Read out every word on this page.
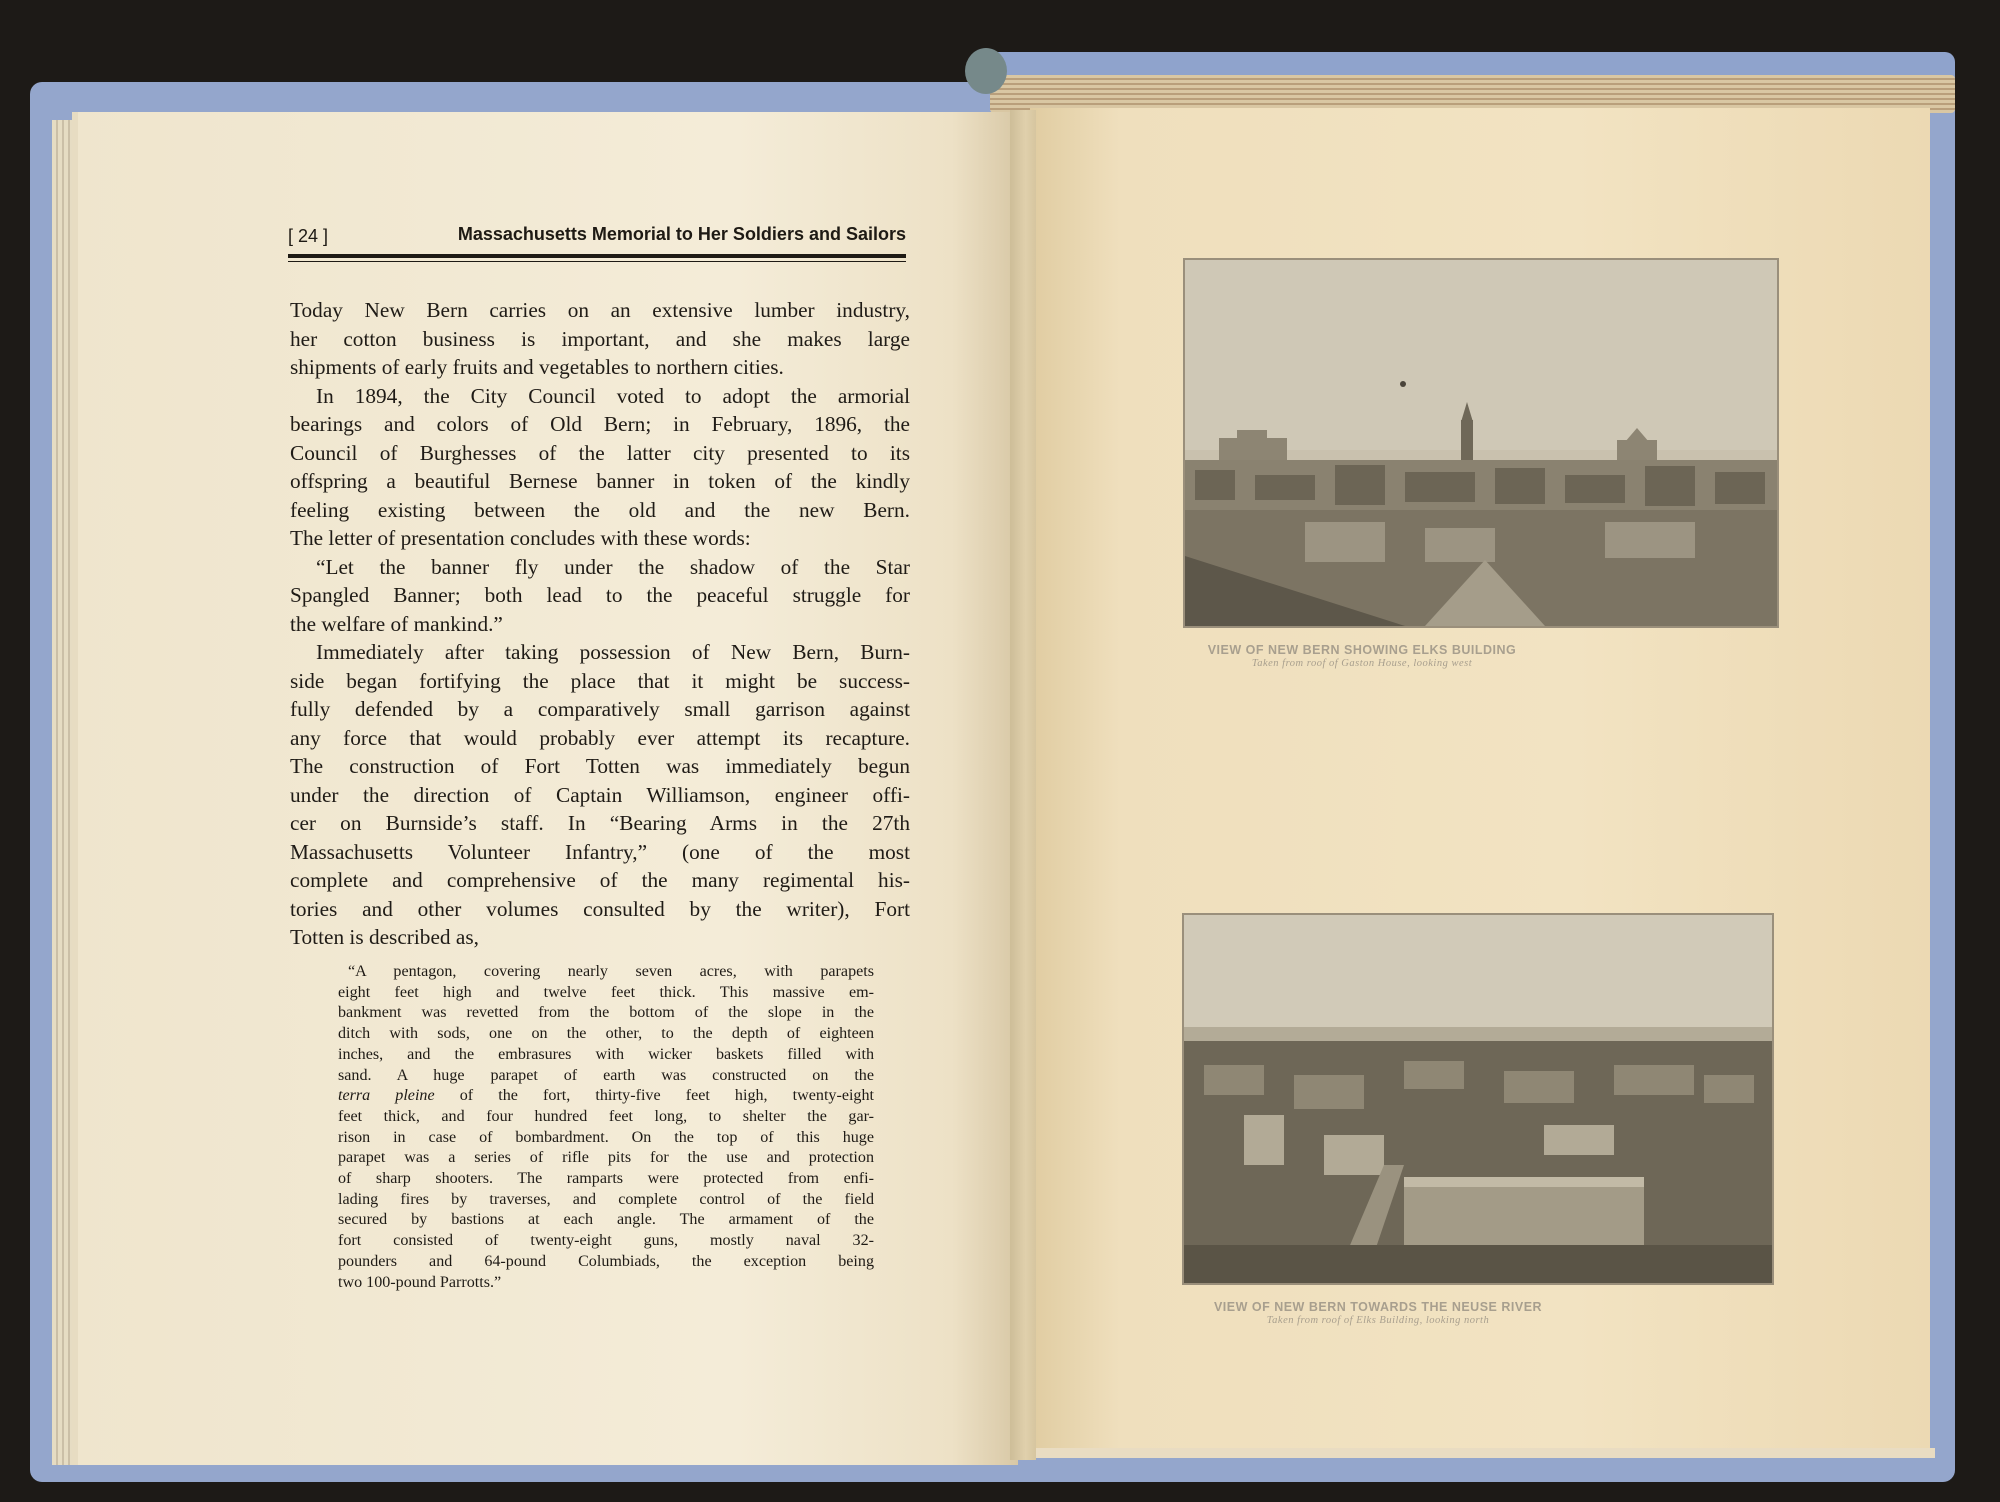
[ 24 ]	Massachusetts Memorial to Her Soldiers and Sailors

Today New Bern carries on an extensive lumber industry,

her cotton business is important, and she makes large

shipments of early fruits and vegetables to northern cities.

In 1894, the City Council voted to adopt the armorial

bearings and colors of Old Bern; in February, 1896, the

Council of Burghesses of the latter city presented to its

offspring a beautiful Bernese banner in token of the kindly

feeling existing between the old and the new Bern.

The letter of presentation concludes with these words:

“Let the banner fly under the shadow of the Star

Spangled Banner; both lead to the peaceful struggle for

the welfare of mankind.”

Immediately after taking possession of New Bern, Burn-

side began fortifying the place that it might be success-

fully defended by a comparatively small garrison against

any force that would probably ever attempt its recapture.

The construction of Fort Totten was immediately begun

under the direction of Captain Williamson, engineer offi-

cer on Burnside’s staff. In “Bearing Arms in the 27th

Massachusetts Volunteer Infantry,” (one of the most

complete and comprehensive of the many regimental his-

tories and other volumes consulted by the writer), Fort

Totten is described as,

“A pentagon, covering nearly seven acres, with parapets

eight feet high and twelve feet thick. This massive em-

bankment was revetted from the bottom of the slope in the

ditch with sods, one on the other, to the depth of eighteen

inches, and the embrasures with wicker baskets filled with

sand. A huge parapet of earth was constructed on the

terra pleine of the fort, thirty-five feet high, twenty-eight

feet thick, and four hundred feet long, to shelter the gar-

rison in case of bombardment. On the top of this huge

parapet was a series of rifle pits for the use and protection

of sharp shooters. The ramparts were protected from enfi-

lading fires by traverses, and complete control of the field

secured by bastions at each angle. The armament of the

fort consisted of twenty-eight guns, mostly naval 32-

pounders and 64-pound Columbiads, the exception being

two 100-pound Parrotts.”

VIEW OF NEW BERN SHOWING ELKS BUILDING
Taken from roof of Gaston House, looking west
VIEW OF NEW BERN TOWARDS THE NEUSE RIVER
Taken from roof of Elks Building, looking north
